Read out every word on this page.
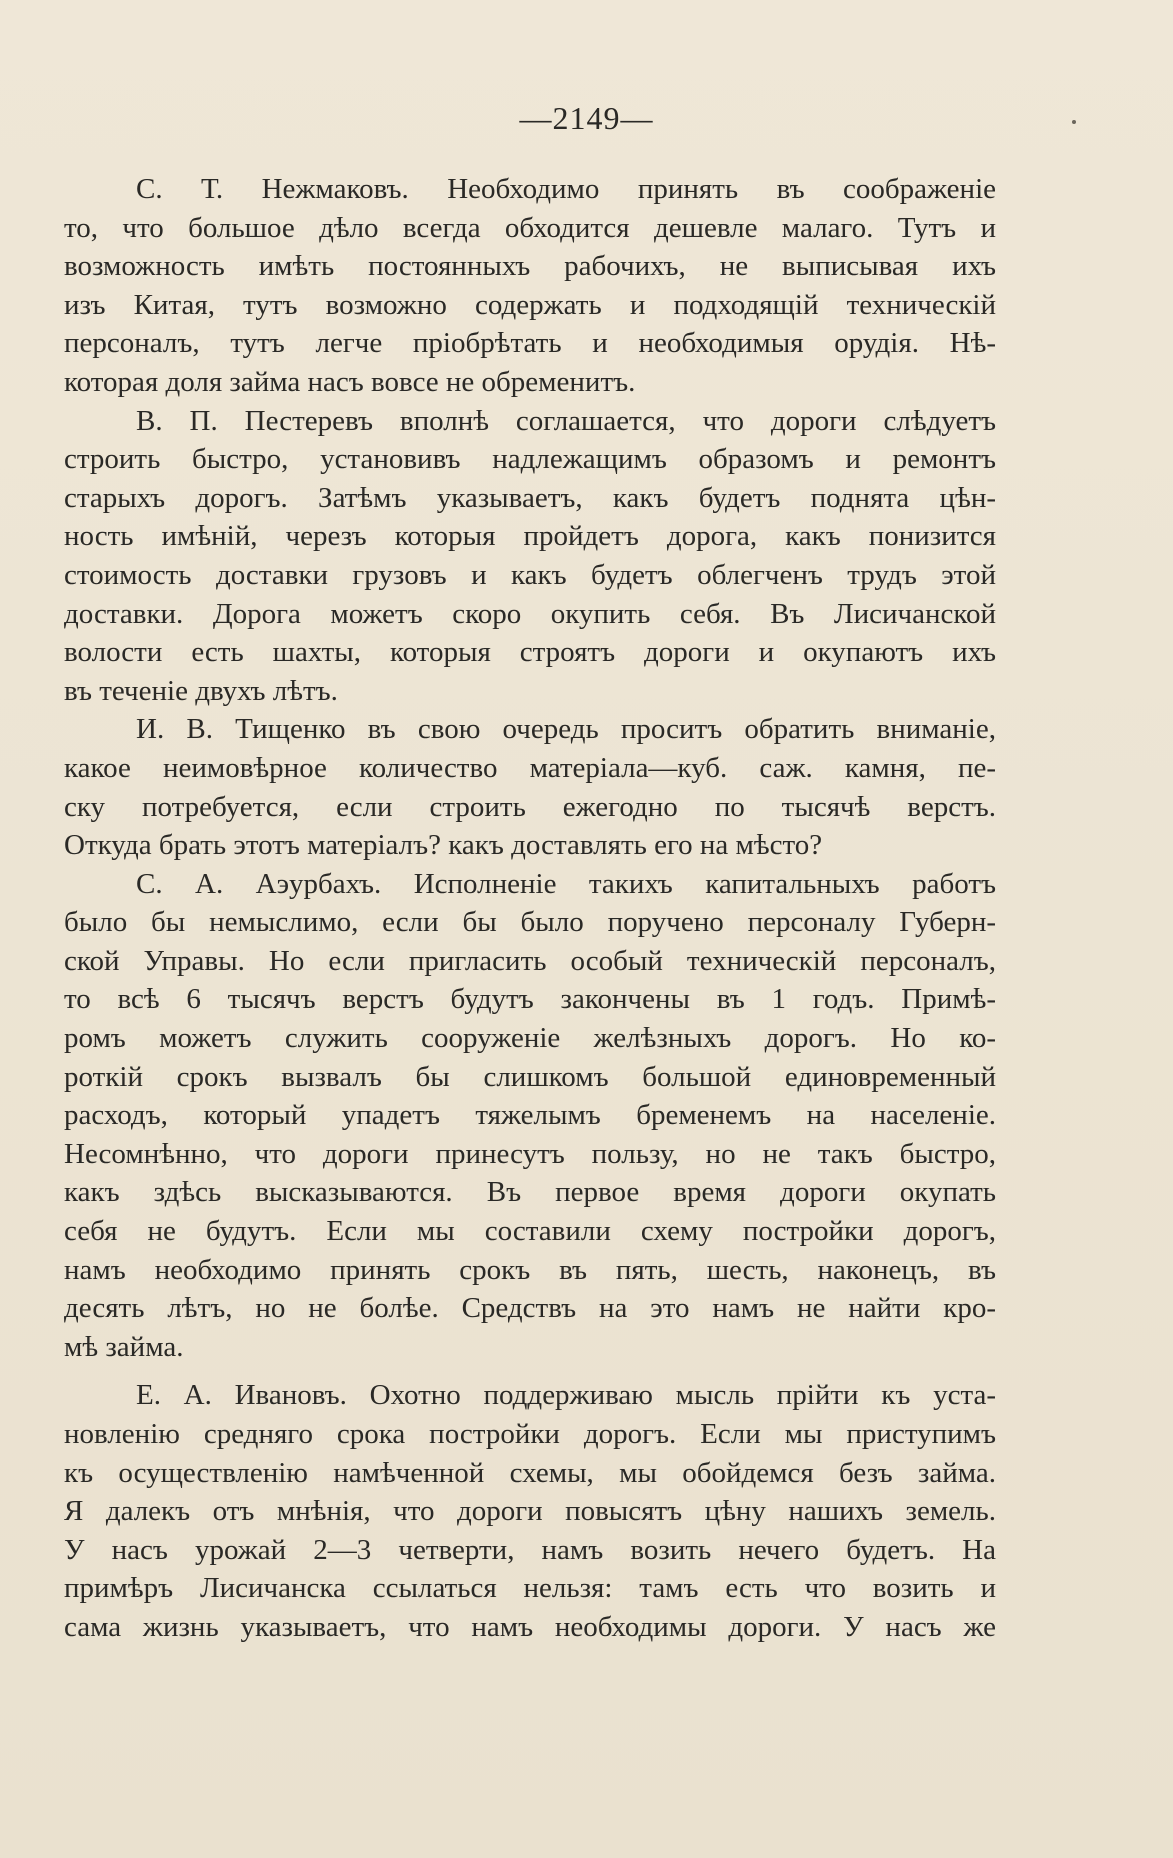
—2149—
С. Т. Нежмаковъ. Необходимо принять въ соображеніе
то, что большое дѣло всегда обходится дешевле малаго. Тутъ и
возможность имѣть постоянныхъ рабочихъ, не выписывая ихъ
изъ Китая, тутъ возможно содержать и подходящій техническій
персоналъ, тутъ легче пріобрѣтать и необходимыя орудія. Нѣ-
которая доля займа насъ вовсе не обременитъ.
В. П. Пестеревъ вполнѣ соглашается, что дороги слѣдуетъ
строить быстро, установивъ надлежащимъ образомъ и ремонтъ
старыхъ дорогъ. Затѣмъ указываетъ, какъ будетъ поднята цѣн-
ность имѣній, черезъ которыя пройдетъ дорога, какъ понизится
стоимость доставки грузовъ и какъ будетъ облегченъ трудъ этой
доставки. Дорога можетъ скоро окупить себя. Въ Лисичанской
волости есть шахты, которыя строятъ дороги и окупаютъ ихъ
въ теченіе двухъ лѣтъ.
И. В. Тищенко въ свою очередь проситъ обратить вниманіе,
какое неимовѣрное количество матеріала—куб. саж. камня, пе-
ску потребуется, если строить ежегодно по тысячѣ верстъ.
Откуда брать этотъ матеріалъ? какъ доставлять его на мѣсто?
С. А. Аэурбахъ. Исполненіе такихъ капитальныхъ работъ
было бы немыслимо, если бы было поручено персоналу Губерн-
ской Управы. Но если пригласить особый техническій персоналъ,
то всѣ 6 тысячъ верстъ будутъ закончены въ 1 годъ. Примѣ-
ромъ можетъ служить сооруженіе желѣзныхъ дорогъ. Но ко-
роткій срокъ вызвалъ бы слишкомъ большой единовременный
расходъ, который упадетъ тяжелымъ бременемъ на населеніе.
Несомнѣнно, что дороги принесутъ пользу, но не такъ быстро,
какъ здѣсь высказываются. Въ первое время дороги окупать
себя не будутъ. Если мы составили схему постройки дорогъ,
намъ необходимо принять срокъ въ пять, шесть, наконецъ, въ
десять лѣтъ, но не болѣе. Средствъ на это намъ не найти кро-
мѣ займа.
Е. А. Ивановъ. Охотно поддерживаю мысль прійти къ уста-
новленію средняго срока постройки дорогъ. Если мы приступимъ
къ осуществленію намѣченной схемы, мы обойдемся безъ займа.
Я далекъ отъ мнѣнія, что дороги повысятъ цѣну нашихъ земель.
У насъ урожай 2—3 четверти, намъ возить нечего будетъ. На
примѣръ Лисичанска ссылаться нельзя: тамъ есть что возить и
сама жизнь указываетъ, что намъ необходимы дороги. У насъ же
